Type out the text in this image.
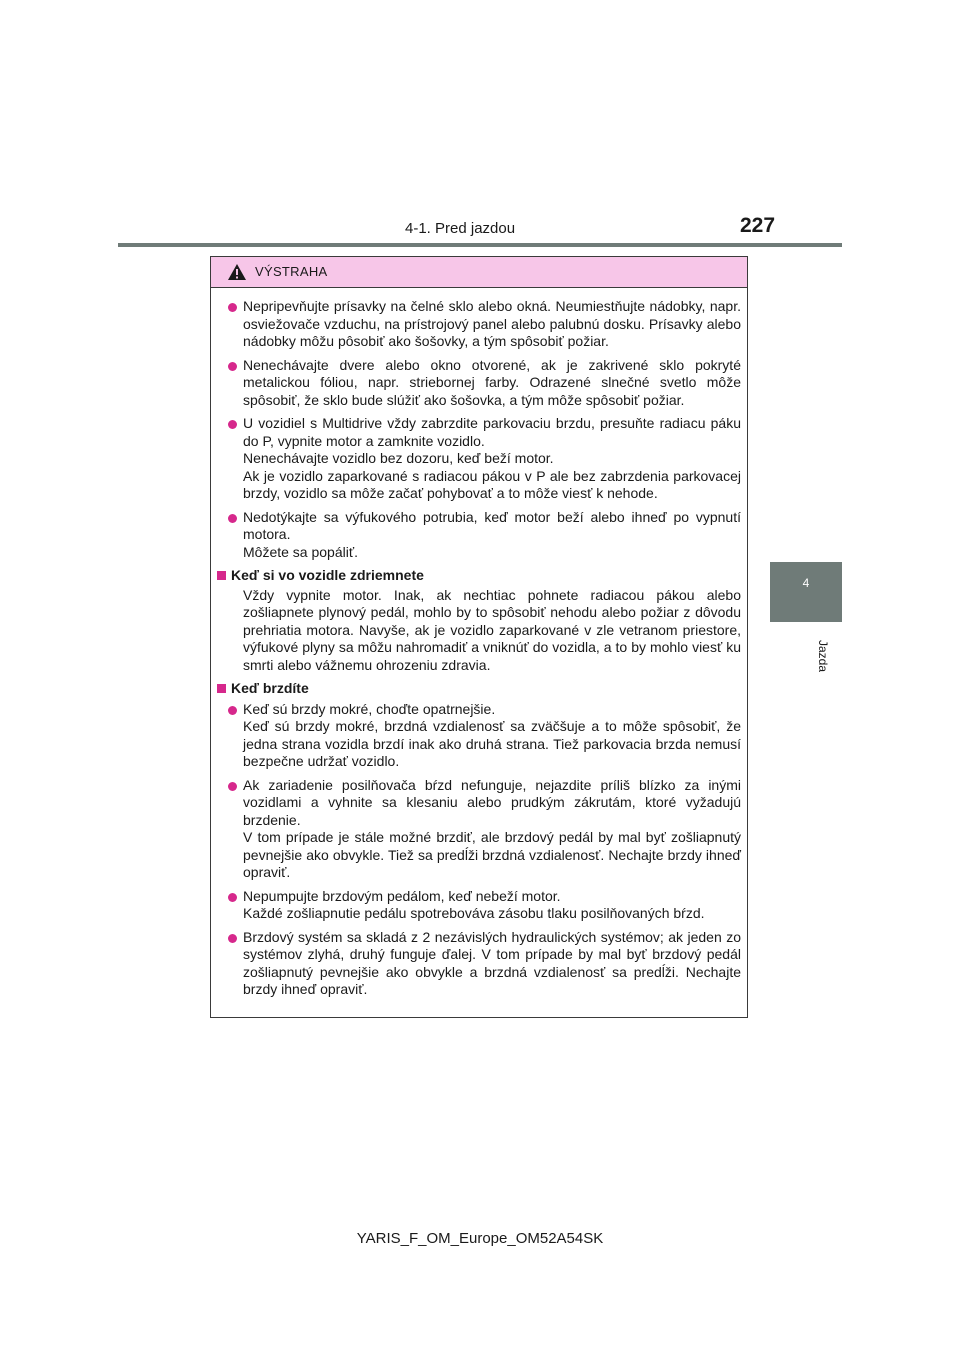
4-1. Pred jazdou	227
4
Jazda
VÝSTRAHA
Nepripevňujte prísavky na čelné sklo alebo okná. Neumiestňujte nádobky, napr. osviežovače vzduchu, na prístrojový panel alebo palubnú dosku. Prísavky alebo nádobky môžu pôsobiť ako šošovky, a tým spôsobiť požiar.
Nenechávajte dvere alebo okno otvorené, ak je zakrivené sklo pokryté metalickou fóliou, napr. striebornej farby. Odrazené slnečné svetlo môže spôsobiť, že sklo bude slúžiť ako šošovka, a tým môže spôsobiť požiar.
U vozidiel s Multidrive vždy zabrzdite parkovaciu brzdu, presuňte radiacu páku do P, vypnite motor a zamknite vozidlo.
Nenechávajte vozidlo bez dozoru, keď beží motor.
Ak je vozidlo zaparkované s radiacou pákou v P ale bez zabrzdenia parkovacej brzdy, vozidlo sa môže začať pohybovať a to môže viesť k nehode.
Nedotýkajte sa výfukového potrubia, keď motor beží alebo ihneď po vypnutí motora.
Môžete sa popáliť.
Keď si vo vozidle zdriemnete
Vždy vypnite motor. Inak, ak nechtiac pohnete radiacou pákou alebo zošliapnete plynový pedál, mohlo by to spôsobiť nehodu alebo požiar z dôvodu prehriatia motora. Navyše, ak je vozidlo zaparkované v zle vetranom priestore, výfukové plyny sa môžu nahromadiť a vniknúť do vozidla, a to by mohlo viesť ku smrti alebo vážnemu ohrozeniu zdravia.
Keď brzdíte
Keď sú brzdy mokré, choďte opatrnejšie.
Keď sú brzdy mokré, brzdná vzdialenosť sa zväčšuje a to môže spôsobiť, že jedna strana vozidla brzdí inak ako druhá strana. Tiež parkovacia brzda nemusí bezpečne udržať vozidlo.
Ak zariadenie posilňovača bŕzd nefunguje, nejazdite príliš blízko za inými vozidlami a vyhnite sa klesaniu alebo prudkým zákrutám, ktoré vyžadujú brzdenie.
V tom prípade je stále možné brzdiť, ale brzdový pedál by mal byť zošliapnutý pevnejšie ako obvykle. Tiež sa predĺži brzdná vzdialenosť. Nechajte brzdy ihneď opraviť.
Nepumpujte brzdovým pedálom, keď nebeží motor.
Každé zošliapnutie pedálu spotrebováva zásobu tlaku posilňovaných bŕzd.
Brzdový systém sa skladá z 2 nezávislých hydraulických systémov; ak jeden zo systémov zlyhá, druhý funguje ďalej. V tom prípade by mal byť brzdový pedál zošliapnutý pevnejšie ako obvykle a brzdná vzdialenosť sa predĺži. Nechajte brzdy ihneď opraviť.
YARIS_F_OM_Europe_OM52A54SK
